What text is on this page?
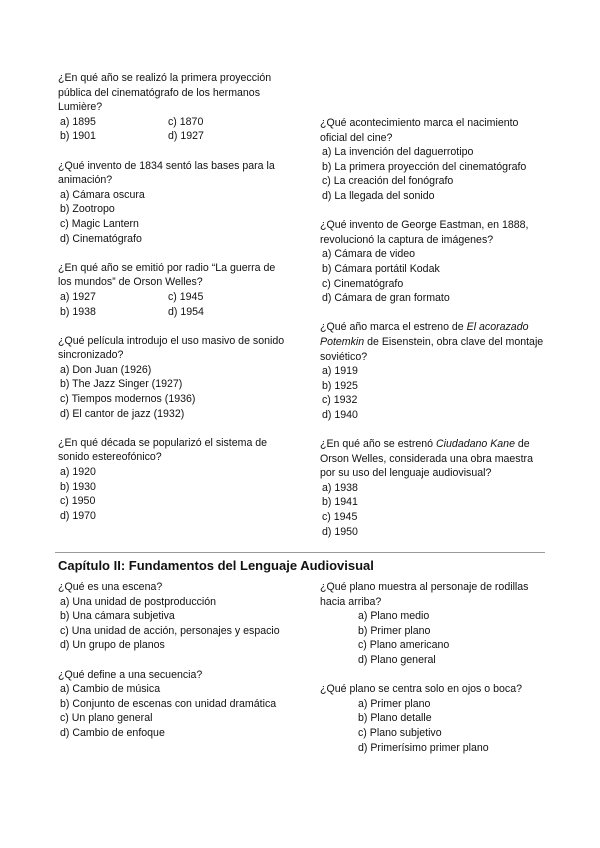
¿En qué año se realizó la primera proyección pública del cinematógrafo de los hermanos Lumière?
a) 1895	c) 1870
b) 1901	d) 1927
¿Qué invento de 1834 sentó las bases para la animación?
a) Cámara oscura
b) Zootropo
c) Magic Lantern
d) Cinematógrafo
¿En qué año se emitió por radio “La guerra de los mundos” de Orson Welles?
a) 1927	c) 1945
b) 1938	d) 1954
¿Qué película introdujo el uso masivo de sonido sincronizado?
a) Don Juan (1926)
b) The Jazz Singer (1927)
c) Tiempos modernos (1936)
d) El cantor de jazz (1932)
¿En qué década se popularizó el sistema de sonido estereofónico?
a) 1920
b) 1930
c) 1950
d) 1970
¿Qué acontecimiento marca el nacimiento oficial del cine?
a) La invención del daguerrotipo
b) La primera proyección del cinematógrafo
c) La creación del fonógrafo
d) La llegada del sonido
¿Qué invento de George Eastman, en 1888, revolucionó la captura de imágenes?
a) Cámara de video
b) Cámara portátil Kodak
c) Cinematógrafo
d) Cámara de gran formato
¿Qué año marca el estreno de El acorazado Potemkin de Eisenstein, obra clave del montaje soviético?
a) 1919
b) 1925
c) 1932
d) 1940
¿En qué año se estrenó Ciudadano Kane de Orson Welles, considerada una obra maestra por su uso del lenguaje audiovisual?
a) 1938
b) 1941
c) 1945
d) 1950
Capítulo II: Fundamentos del Lenguaje Audiovisual
¿Qué es una escena?
a) Una unidad de postproducción
b) Una cámara subjetiva
c) Una unidad de acción, personajes y espacio
d) Un grupo de planos
¿Qué define a una secuencia?
a) Cambio de música
b) Conjunto de escenas con unidad dramática
c) Un plano general
d) Cambio de enfoque
¿Qué plano muestra al personaje de rodillas hacia arriba?
a) Plano medio
b) Primer plano
c) Plano americano
d) Plano general
¿Qué plano se centra solo en ojos o boca?
a) Primer plano
b) Plano detalle
c) Plano subjetivo
d) Primerísimo primer plano
